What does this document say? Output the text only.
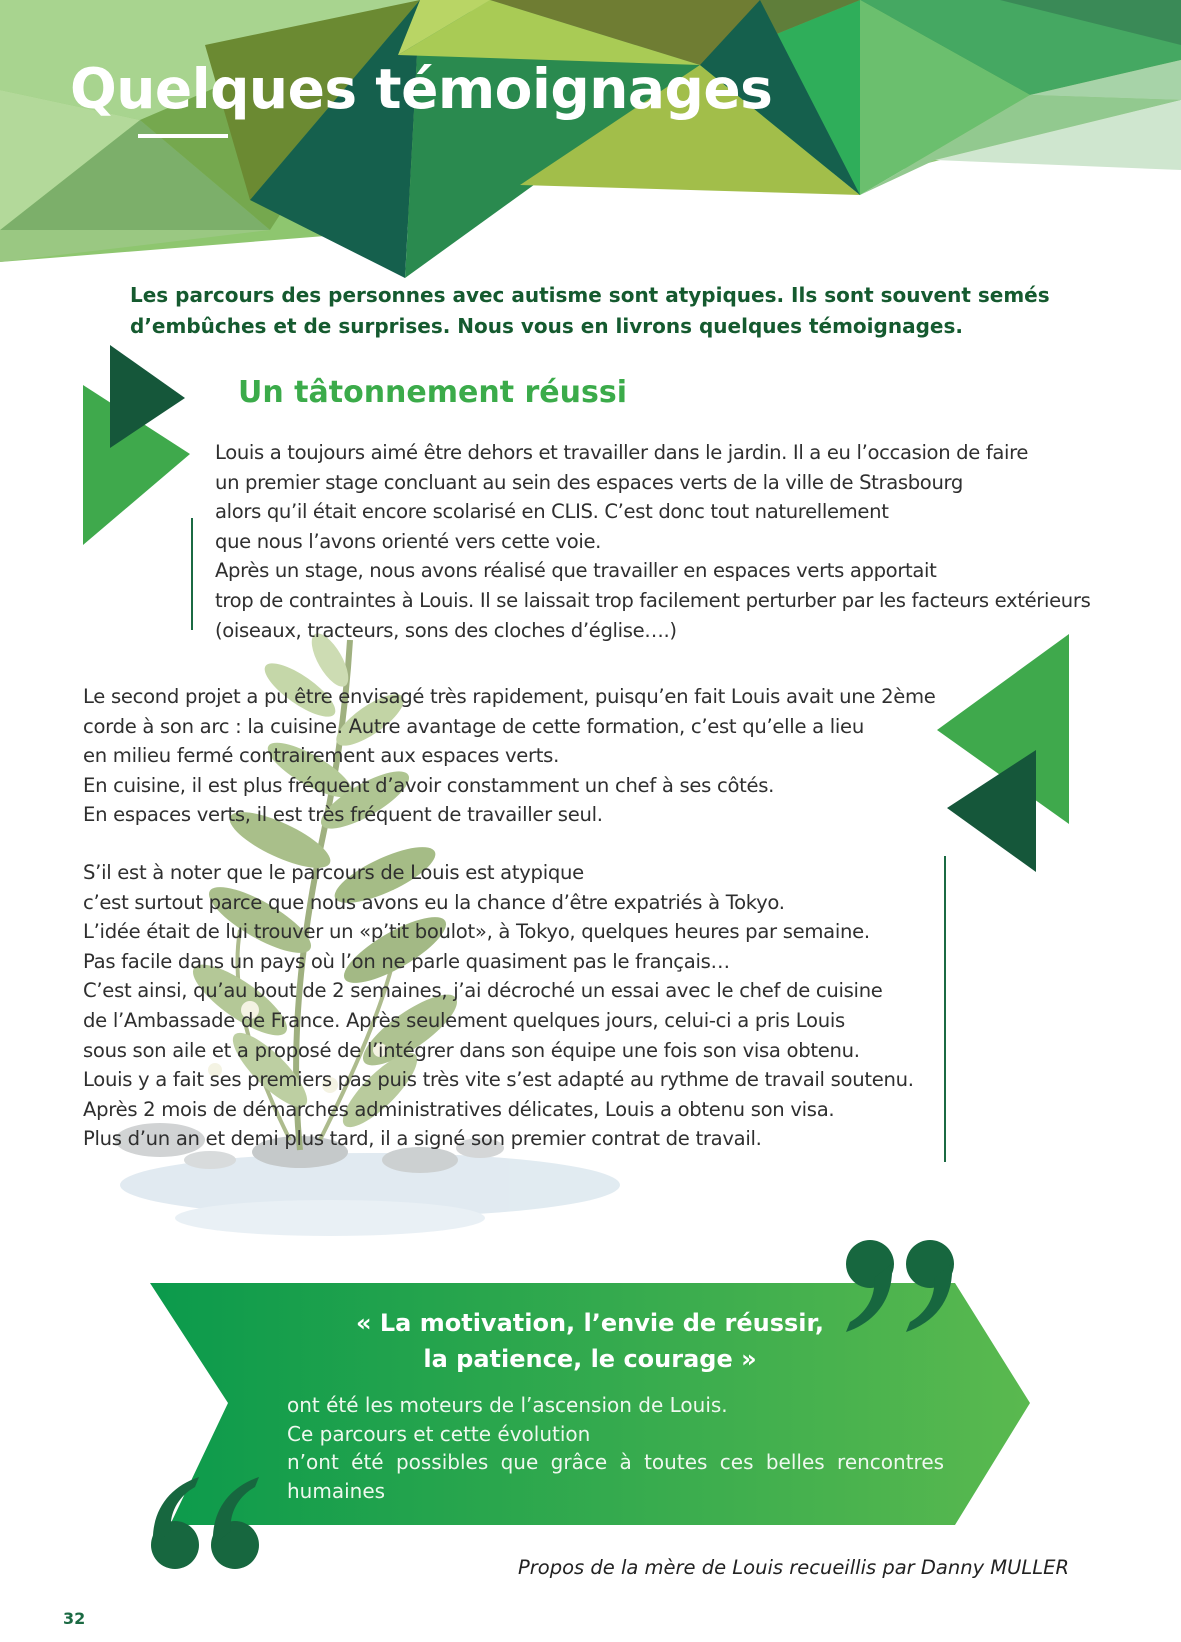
Quelques témoignages

Les parcours des personnes avec autisme sont atypiques. Ils sont souvent semés
d’embûches et de surprises. Nous vous en livrons quelques témoignages.

Un tâtonnement réussi
Louis a toujours aimé être dehors et travailler dans le jardin. Il a eu l’occasion de faire
un premier stage concluant au sein des espaces verts de la ville de Strasbourg
alors qu’il était encore scolarisé en CLIS. C’est donc tout naturellement
que nous l’avons orienté vers cette voie.
Après un stage, nous avons réalisé que travailler en espaces verts apportait
trop de contraintes à Louis. Il se laissait trop facilement perturber par les facteurs extérieurs
(oiseaux, tracteurs, sons des cloches d’église….)
Le second projet a pu être envisagé très rapidement, puisqu’en fait Louis avait une 2ème
corde à son arc : la cuisine. Autre avantage de cette formation, c’est qu’elle a lieu
en milieu fermé contrairement aux espaces verts.
En cuisine, il est plus fréquent d’avoir constamment un chef à ses côtés.
En espaces verts, il est très fréquent de travailler seul.
S’il est à noter que le parcours de Louis est atypique
c’est surtout parce que nous avons eu la chance d’être expatriés à Tokyo.
L’idée était de lui trouver un «p’tit boulot», à Tokyo, quelques heures par semaine.
Pas facile dans un pays où l’on ne parle quasiment pas le français…
C’est ainsi, qu’au bout de 2 semaines, j’ai décroché un essai avec le chef de cuisine
de l’Ambassade de France. Après seulement quelques jours, celui-ci a pris Louis
sous son aile et a proposé de l’intégrer dans son équipe une fois son visa obtenu.
Louis y a fait ses premiers pas puis très vite s’est adapté au rythme de travail soutenu.
Après 2 mois de démarches administratives délicates, Louis a obtenu son visa.
Plus d’un an et demi plus tard, il a signé son premier contrat de travail.

« La motivation, l’envie de réussir,
la patience, le courage »

ont été les moteurs de l’ascension de Louis.
Ce parcours et cette évolution
n’ont été possibles que grâce à toutes ces belles rencontres
humaines

Propos de la mère de Louis recueillis par Danny MULLER

32
